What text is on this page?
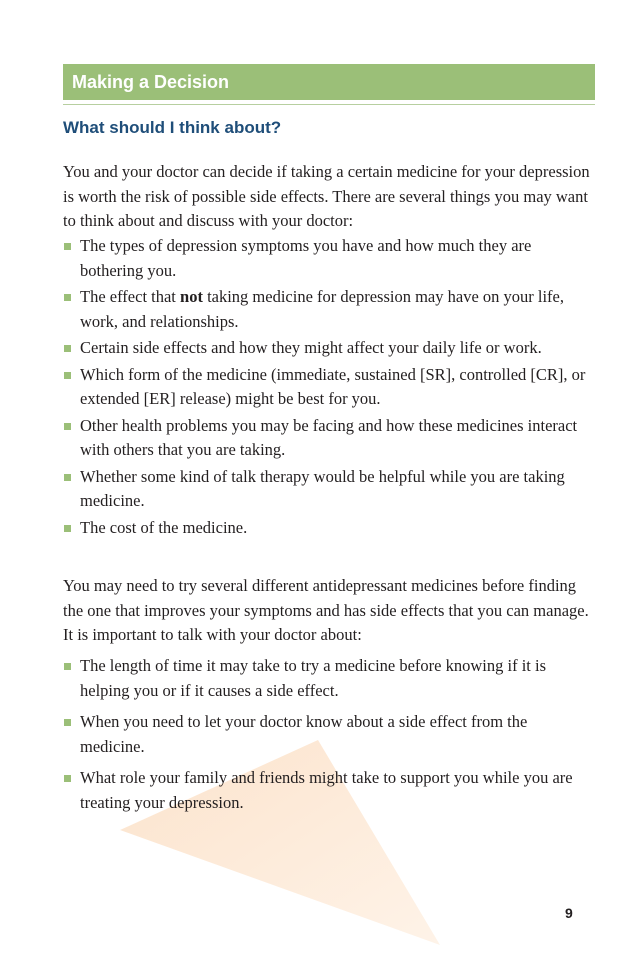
Making a Decision
What should I think about?

You and your doctor can decide if taking a certain medicine for your depression is worth the risk of possible side effects. There are several things you may want to think about and discuss with your doctor:

The types of depression symptoms you have and how much they are bothering you.
The effect that not taking medicine for depression may have on your life, work, and relationships.
Certain side effects and how they might affect your daily life or work.
Which form of the medicine (immediate, sustained [SR], controlled [CR], or extended [ER] release) might be best for you.
Other health problems you may be facing and how these medicines interact with others that you are taking.
Whether some kind of talk therapy would be helpful while you are taking medicine.
The cost of the medicine.

You may need to try several different antidepressant medicines before finding the one that improves your symptoms and has side effects that you can manage. It is important to talk with your doctor about:

The length of time it may take to try a medicine before knowing if it is helping you or if it causes a side effect.
When you need to let your doctor know about a side effect from the medicine.
What role your family and friends might take to support you while you are treating your depression.
9
